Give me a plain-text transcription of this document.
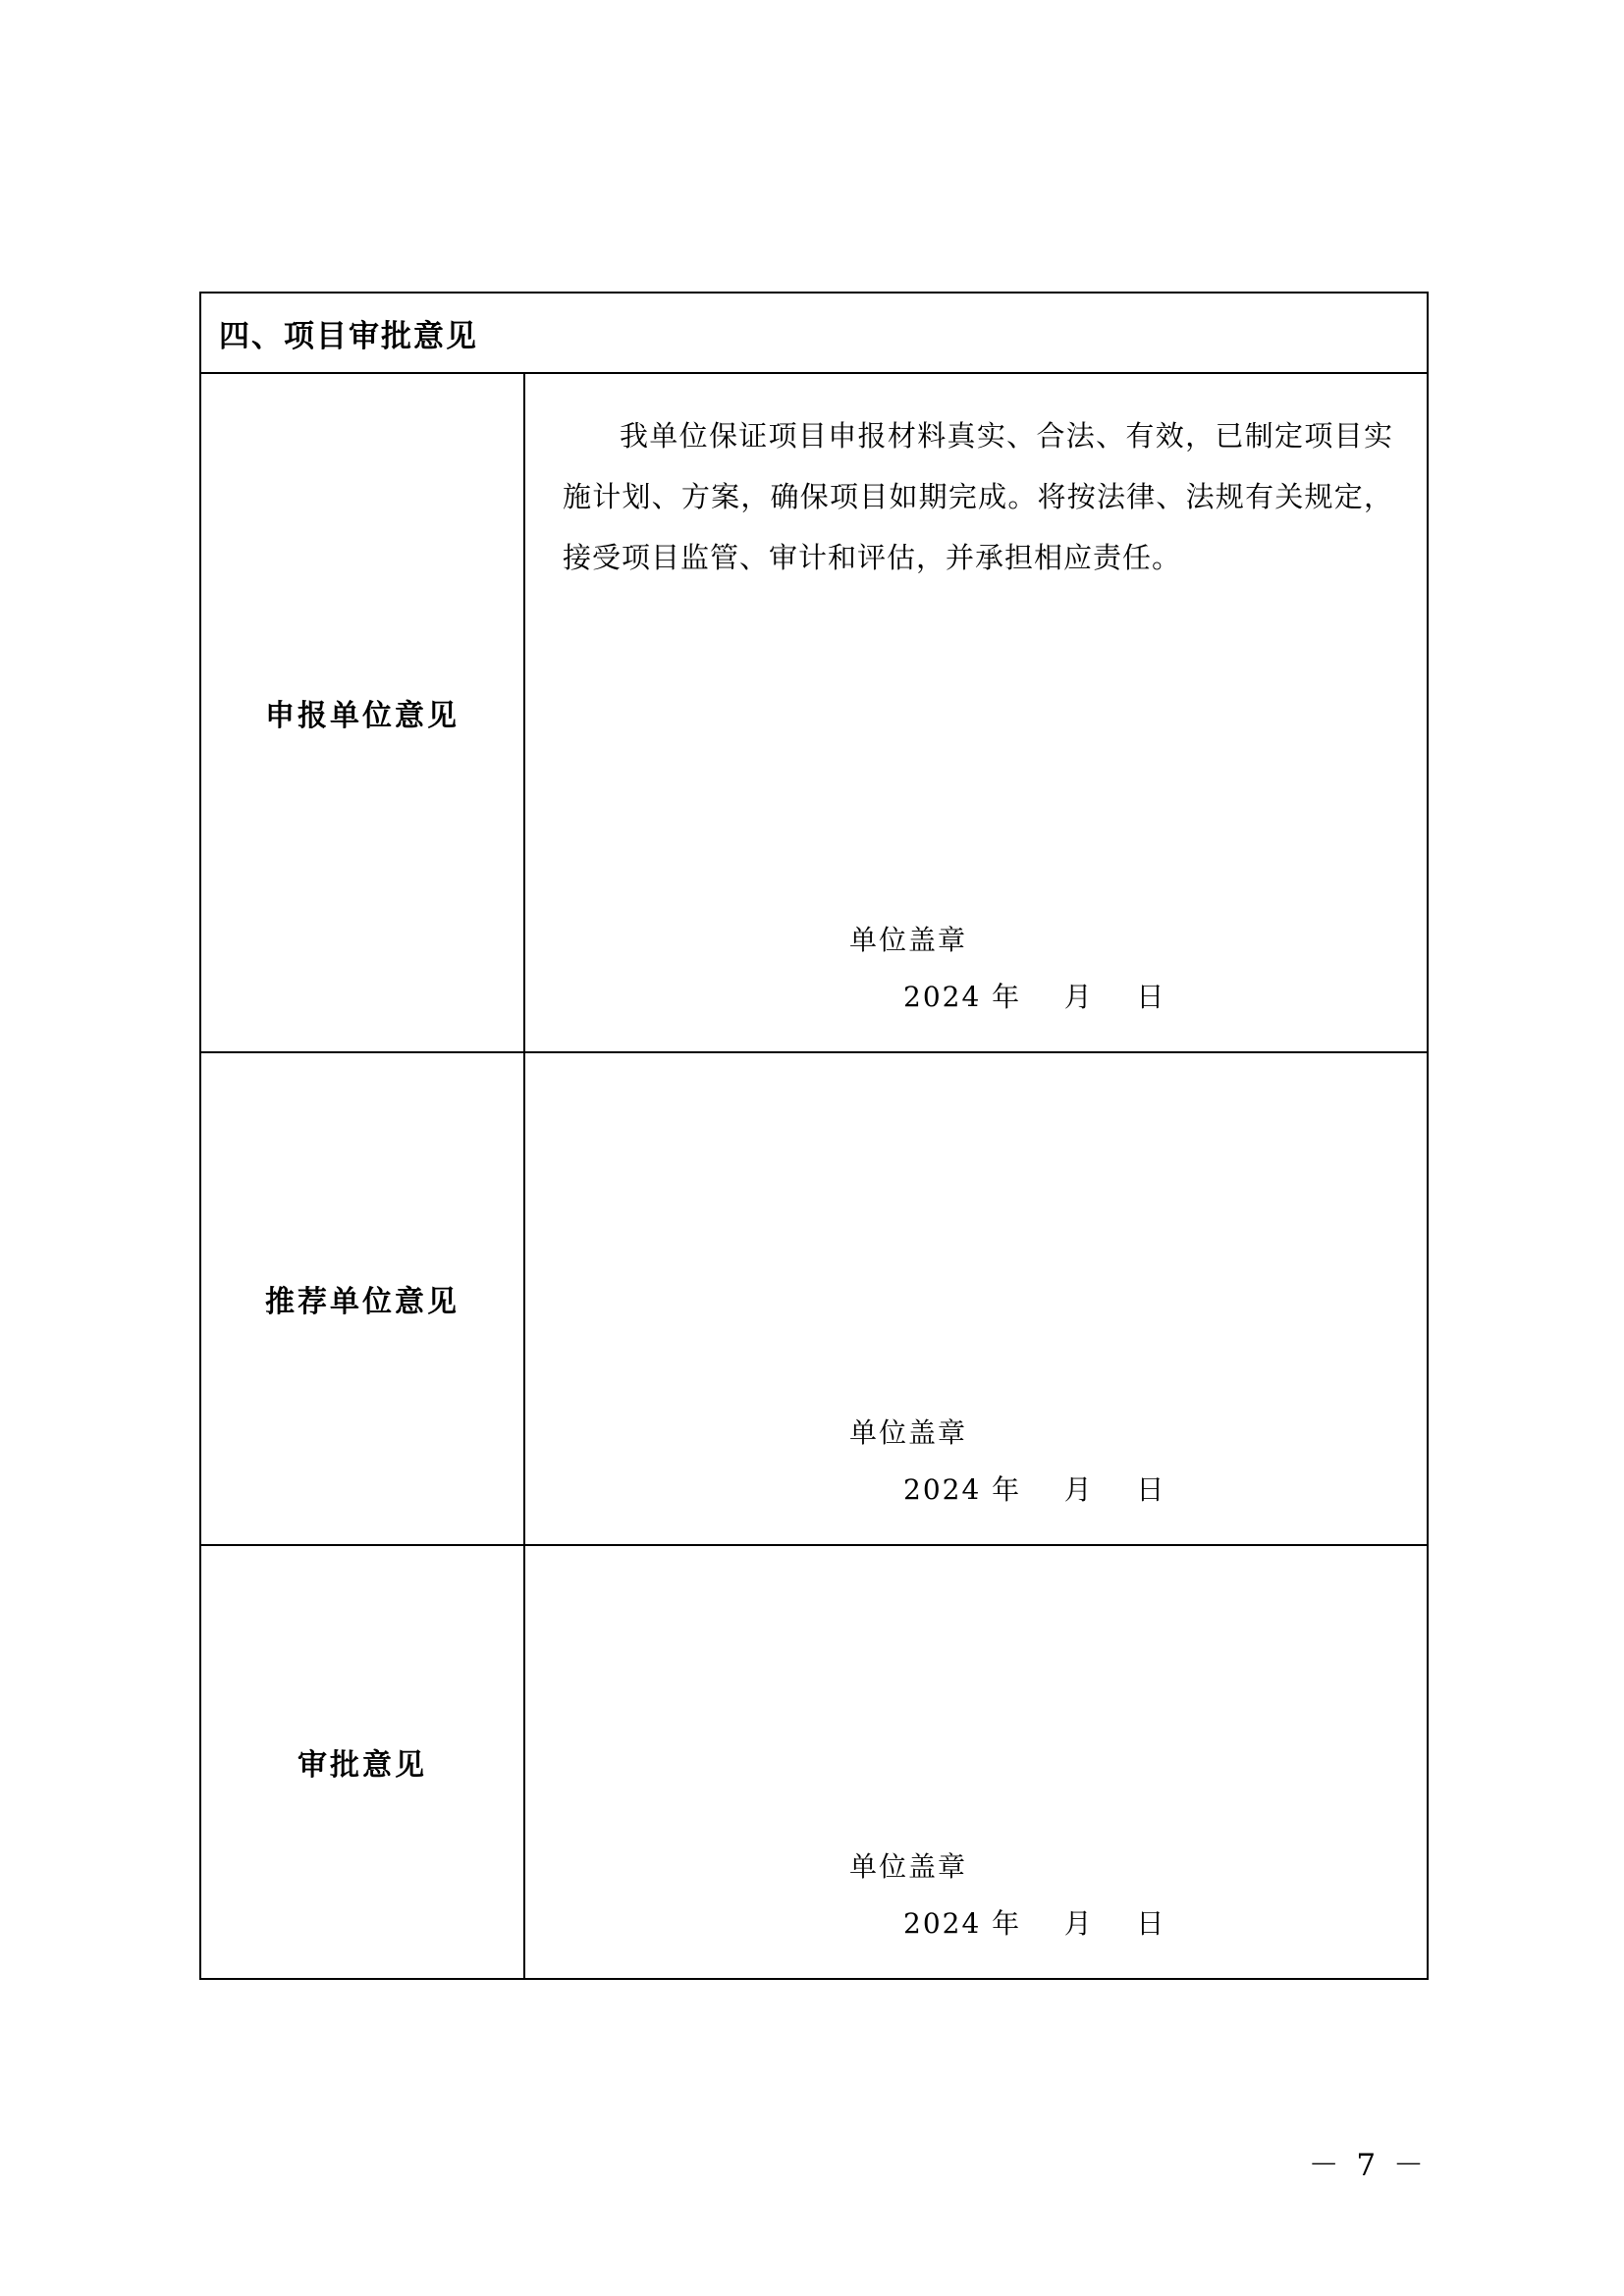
四、项目审批意见	
申报单位意见	我单位保证项目申报材料真实、合法、有效，已制定项目实施计划、方案，确保项目如期完成。将按法律、法规有关规定，接受项目监管、审计和评估，并承担相应责任。

单位盖章
2024 年    月    日

推荐单位意见	单位盖章
2024 年    月    日

审批意见	单位盖章
2024 年    月    日
－ 7 －
